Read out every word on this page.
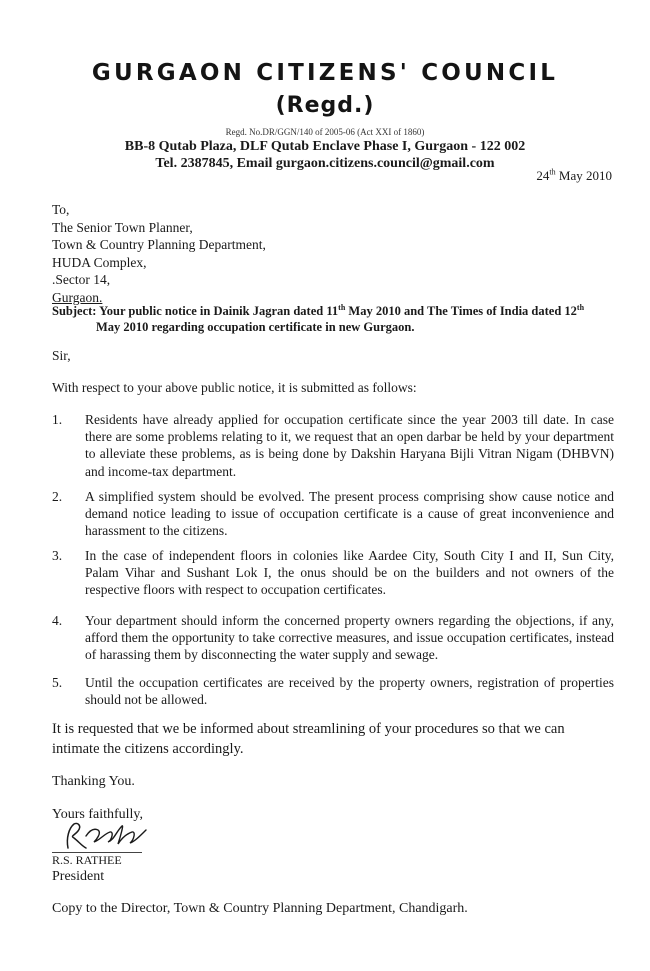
GURGAON CITIZENS' COUNCIL
(Regd.)
Regd. No.DR/GGN/140 of 2005-06 (Act XXI of 1860)
BB-8 Qutab Plaza, DLF Qutab Enclave Phase I, Gurgaon - 122 002
Tel. 2387845, Email gurgaon.citizens.council@gmail.com
24th May 2010
To,
The Senior Town Planner,
Town & Country Planning Department,
HUDA Complex,
.Sector 14,
Gurgaon.
Subject: Your public notice in Dainik Jagran dated 11th May 2010 and The Times of India dated 12th
May 2010 regarding occupation certificate in new Gurgaon.
Sir,
With respect to your above public notice, it is submitted as follows:
1. Residents have already applied for occupation certificate since the year 2003 till date. In case there are some problems relating to it, we request that an open darbar be held by your department to alleviate these problems, as is being done by Dakshin Haryana Bijli Vitran Nigam (DHBVN) and income-tax department.
2. A simplified system should be evolved. The present process comprising show cause notice and demand notice leading to issue of occupation certificate is a cause of great inconvenience and harassment to the citizens.
3. In the case of independent floors in colonies like Aardee City, South City I and II, Sun City, Palam Vihar and Sushant Lok I, the onus should be on the builders and not owners of the respective floors with respect to occupation certificates.
4. Your department should inform the concerned property owners regarding the objections, if any, afford them the opportunity to take corrective measures, and issue occupation certificates, instead of harassing them by disconnecting the water supply and sewage.
5. Until the occupation certificates are received by the property owners, registration of properties should not be allowed.
It is requested that we be informed about streamlining of your procedures so that we can intimate the citizens accordingly.
Thanking You.
Yours faithfully,
R.S. RATHEE
President
Copy to the Director, Town & Country Planning Department, Chandigarh.
